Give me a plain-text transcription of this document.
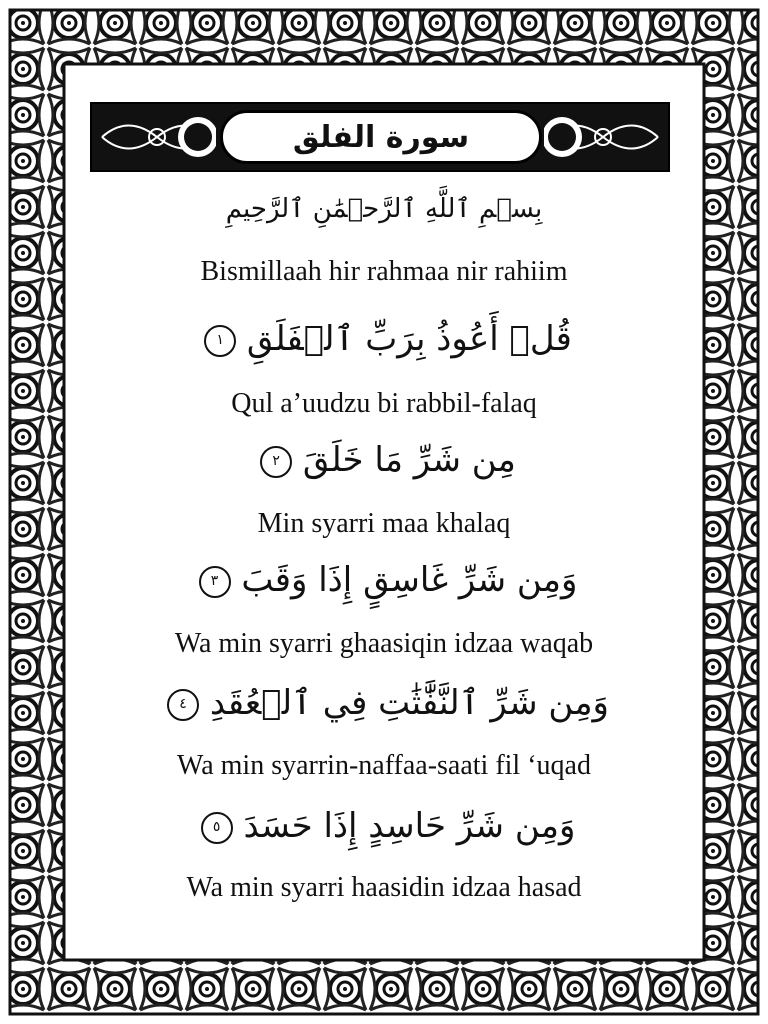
سورة الفلق
بِسۡمِ ٱللَّهِ ٱلرَّحۡمَٰنِ ٱلرَّحِيمِ
Bismillaah hir rahmaa nir rahiim
قُلۡ أَعُوذُ بِرَبِّ ٱلۡفَلَقِ ١
Qul a’uudzu bi rabbil-falaq
مِن شَرِّ مَا خَلَقَ ٢
Min syarri maa khalaq
وَمِن شَرِّ غَاسِقٍ إِذَا وَقَبَ ٣
Wa min syarri ghaasiqin idzaa waqab
وَمِن شَرِّ ٱلنَّفَّٰثَٰتِ فِي ٱلۡعُقَدِ ٤
Wa min syarrin-naffaa-saati fil ‘uqad
وَمِن شَرِّ حَاسِدٍ إِذَا حَسَدَ ٥
Wa min syarri haasidin idzaa hasad
